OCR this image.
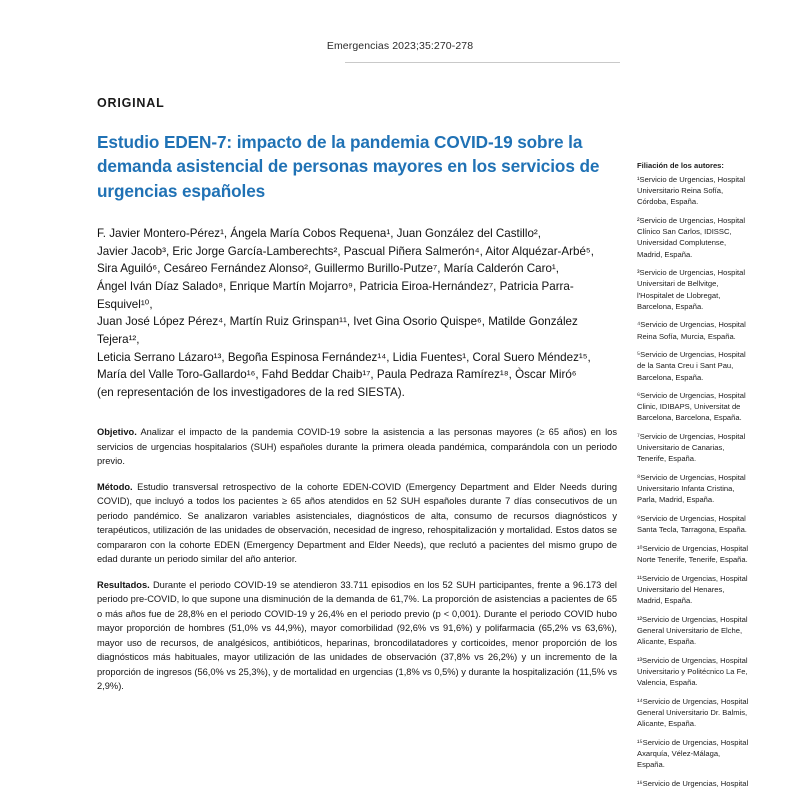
Emergencias 2023;35:270-278
ORIGINAL
Estudio EDEN-7: impacto de la pandemia COVID-19 sobre la demanda asistencial de personas mayores en los servicios de urgencias españoles
F. Javier Montero-Pérez¹, Ángela María Cobos Requena¹, Juan González del Castillo²,
Javier Jacob³, Eric Jorge García-Lamberechts², Pascual Piñera Salmerón⁴, Aitor Alquézar-Arbé⁵,
Sira Aguiló⁶, Cesáreo Fernández Alonso², Guillermo Burillo-Putze⁷, María Calderón Caro¹,
Ángel Iván Díaz Salado⁸, Enrique Martín Mojarro⁹, Patricia Eiroa-Hernández⁷, Patricia Parra-Esquivel¹⁰,
Juan José López Pérez⁴, Martín Ruiz Grinspan¹¹, Ivet Gina Osorio Quispe⁶, Matilde González Tejera¹²,
Leticia Serrano Lázaro¹³, Begoña Espinosa Fernández¹⁴, Lidia Fuentes¹, Coral Suero Méndez¹⁵,
María del Valle Toro-Gallardo¹⁶, Fahd Beddar Chaib¹⁷, Paula Pedraza Ramírez¹⁸, Òscar Miró⁶
(en representación de los investigadores de la red SIESTA).
Objetivo. Analizar el impacto de la pandemia COVID-19 sobre la asistencia a las personas mayores (≥ 65 años) en los servicios de urgencias hospitalarios (SUH) españoles durante la primera oleada pandémica, comparándola con un periodo previo.
Método. Estudio transversal retrospectivo de la cohorte EDEN-COVID (Emergency Department and Elder Needs during COVID), que incluyó a todos los pacientes ≥ 65 años atendidos en 52 SUH españoles durante 7 días consecutivos de un periodo pandémico. Se analizaron variables asistenciales, diagnósticos de alta, consumo de recursos diagnósticos y terapéuticos, utilización de las unidades de observación, necesidad de ingreso, rehospitalización y mortalidad. Estos datos se compararon con la cohorte EDEN (Emergency Department and Elder Needs), que reclutó a pacientes del mismo grupo de edad durante un periodo similar del año anterior.
Resultados. Durante el periodo COVID-19 se atendieron 33.711 episodios en los 52 SUH participantes, frente a 96.173 del periodo pre-COVID, lo que supone una disminución de la demanda de 61,7%. La proporción de asistencias a pacientes de 65 o más años fue de 28,8% en el periodo COVID-19 y 26,4% en el periodo previo (p < 0,001). Durante el periodo COVID hubo mayor proporción de hombres (51,0% vs 44,9%), mayor comorbilidad (92,6% vs 91,6%) y polifarmacia (65,2% vs 63,6%), mayor uso de recursos, de analgésicos, antibióticos, heparinas, broncodilatadores y corticoides, menor proporción de los diagnósticos más habituales, mayor utilización de las unidades de observación (37,8% vs 26,2%) y un incremento de la proporción de ingresos (56,0% vs 25,3%), y de mortalidad en urgencias (1,8% vs 0,5%) y durante la hospitalización (11,5% vs 2,9%).
Filiación de los autores:
¹Servicio de Urgencias, Hospital Universitario Reina Sofía, Córdoba, España.
²Servicio de Urgencias, Hospital Clínico San Carlos, IDISSC, Universidad Complutense, Madrid, España.
³Servicio de Urgencias, Hospital Universitari de Bellvitge, l'Hospitalet de Llobregat, Barcelona, España.
⁴Servicio de Urgencias, Hospital Reina Sofía, Murcia, España.
⁵Servicio de Urgencias, Hospital de la Santa Creu i Sant Pau, Barcelona, España.
⁶Servicio de Urgencias, Hospital Clinic, IDIBAPS, Universitat de Barcelona, Barcelona, España.
⁷Servicio de Urgencias, Hospital Universitario de Canarias, Tenerife, España.
⁸Servicio de Urgencias, Hospital Universitario Infanta Cristina, Parla, Madrid, España.
⁹Servicio de Urgencias, Hospital Santa Tecla, Tarragona, España.
¹⁰Servicio de Urgencias, Hospital Norte Tenerife, Tenerife, España.
¹¹Servicio de Urgencias, Hospital Universitario del Henares, Madrid, España.
¹²Servicio de Urgencias, Hospital General Universitario de Elche, Alicante, España.
¹³Servicio de Urgencias, Hospital Universitario y Politécnico La Fe, Valencia, España.
¹⁴Servicio de Urgencias, Hospital General Universitario Dr. Balmis, Alicante, España.
¹⁵Servicio de Urgencias, Hospital Axarquía, Vélez-Málaga, España.
¹⁶Servicio de Urgencias, Hospital
